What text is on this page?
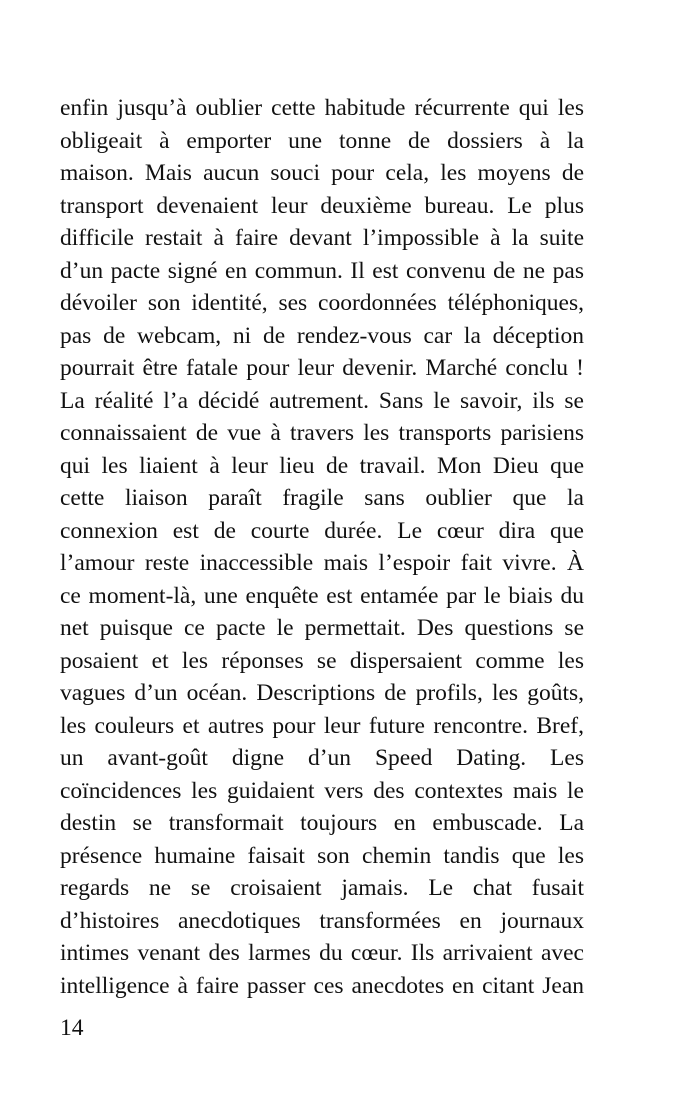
enfin jusqu’à oublier cette habitude récurrente qui les
obligeait à emporter une tonne de dossiers à la
maison. Mais aucun souci pour cela, les moyens de
transport devenaient leur deuxième bureau. Le plus
difficile restait à faire devant l’impossible à la suite
d’un pacte signé en commun. Il est convenu de ne pas
dévoiler son identité, ses coordonnées téléphoniques,
pas de webcam, ni de rendez-vous car la déception
pourrait être fatale pour leur devenir. Marché conclu !
La réalité l’a décidé autrement. Sans le savoir, ils se
connaissaient de vue à travers les transports parisiens
qui les liaient à leur lieu de travail. Mon Dieu que
cette liaison paraît fragile sans oublier que la
connexion est de courte durée. Le cœur dira que
l’amour reste inaccessible mais l’espoir fait vivre. À
ce moment-là, une enquête est entamée par le biais du
net puisque ce pacte le permettait. Des questions se
posaient et les réponses se dispersaient comme les
vagues d’un océan. Descriptions de profils, les goûts,
les couleurs et autres pour leur future rencontre. Bref,
un avant-goût digne d’un Speed Dating. Les
coïncidences les guidaient vers des contextes mais le
destin se transformait toujours en embuscade. La
présence humaine faisait son chemin tandis que les
regards ne se croisaient jamais. Le chat fusait
d’histoires anecdotiques transformées en journaux
intimes venant des larmes du cœur. Ils arrivaient avec
intelligence à faire passer ces anecdotes en citant Jean
14
